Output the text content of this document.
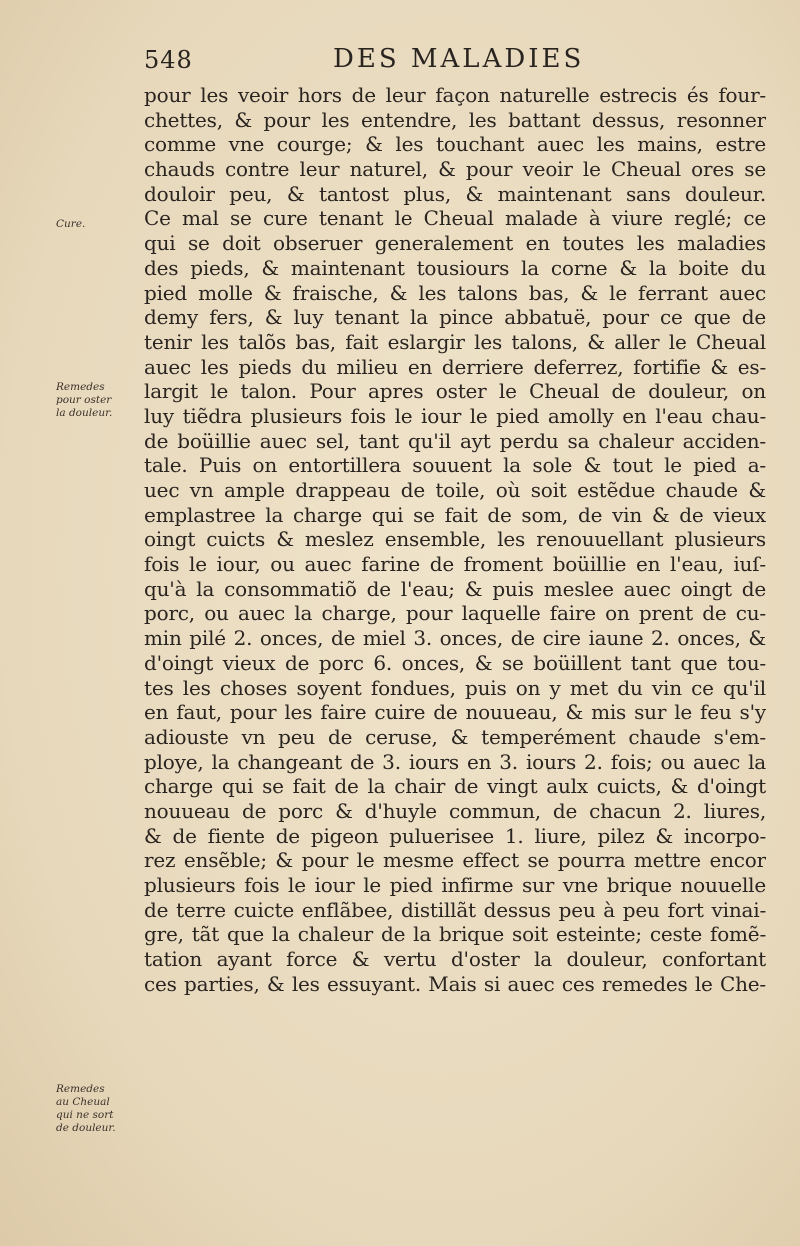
548	DES MALADIES
Cure.
Remedes
pour oster
la douleur.
Remedes
au Cheual
qui ne sort
de douleur.
pour les veoir hors de leur façon naturelle estrecis és four-
chettes, & pour les entendre, les battant dessus, resonner
comme vne courge; & les touchant auec les mains, estre
chauds contre leur naturel, & pour veoir le Cheual ores se
douloir peu, & tantost plus, & maintenant sans douleur.
Ce mal se cure tenant le Cheual malade à viure reglé; ce
qui se doit obseruer generalement en toutes les maladies
des pieds, & maintenant tousiours la corne & la boite du
pied molle & fraische, & les talons bas, & le ferrant auec
demy fers, & luy tenant la pince abbatuë, pour ce que de
tenir les talõs bas, fait eslargir les talons, & aller le Cheual
auec les pieds du milieu en derriere deferrez, fortifie & es-
largit le talon. Pour apres oster le Cheual de douleur, on
luy tiẽdra plusieurs fois le iour le pied amolly en l'eau chau-
de boüillie auec sel, tant qu'il ayt perdu sa chaleur acciden-
tale. Puis on entortillera souuent la sole & tout le pied a-
uec vn ample drappeau de toile, où soit estẽdue chaude &
emplastree la charge qui se fait de som, de vin & de vieux
oingt cuicts & meslez ensemble, les renouuellant plusieurs
fois le iour, ou auec farine de froment boüillie en l'eau, iuſ-
qu'à la consommatiõ de l'eau; & puis meslee auec oingt de
porc, ou auec la charge, pour laquelle faire on prent de cu-
min pilé 2. onces, de miel 3. onces, de cire iaune 2. onces, &
d'oingt vieux de porc 6. onces, & se boüillent tant que tou-
tes les choses soyent fondues, puis on y met du vin ce qu'il
en faut, pour les faire cuire de nouueau, & mis sur le feu s'y
adiouste vn peu de ceruse, & temperément chaude s'em-
ploye, la changeant de 3. iours en 3. iours 2. fois; ou auec la
charge qui se fait de la chair de vingt aulx cuicts, & d'oingt
nouueau de porc & d'huyle commun, de chacun 2. liures,
& de fiente de pigeon puluerisee 1. liure, pilez & incorpo-
rez ensẽble; & pour le mesme effect se pourra mettre encor
plusieurs fois le iour le pied infirme sur vne brique nouuelle
de terre cuicte enflãbee, distillãt dessus peu à peu fort vinai-
gre, tãt que la chaleur de la brique soit esteinte; ceste fomẽ-
tation ayant force & vertu d'oster la douleur, confortant
ces parties, & les essuyant. Mais si auec ces remedes le Che-
